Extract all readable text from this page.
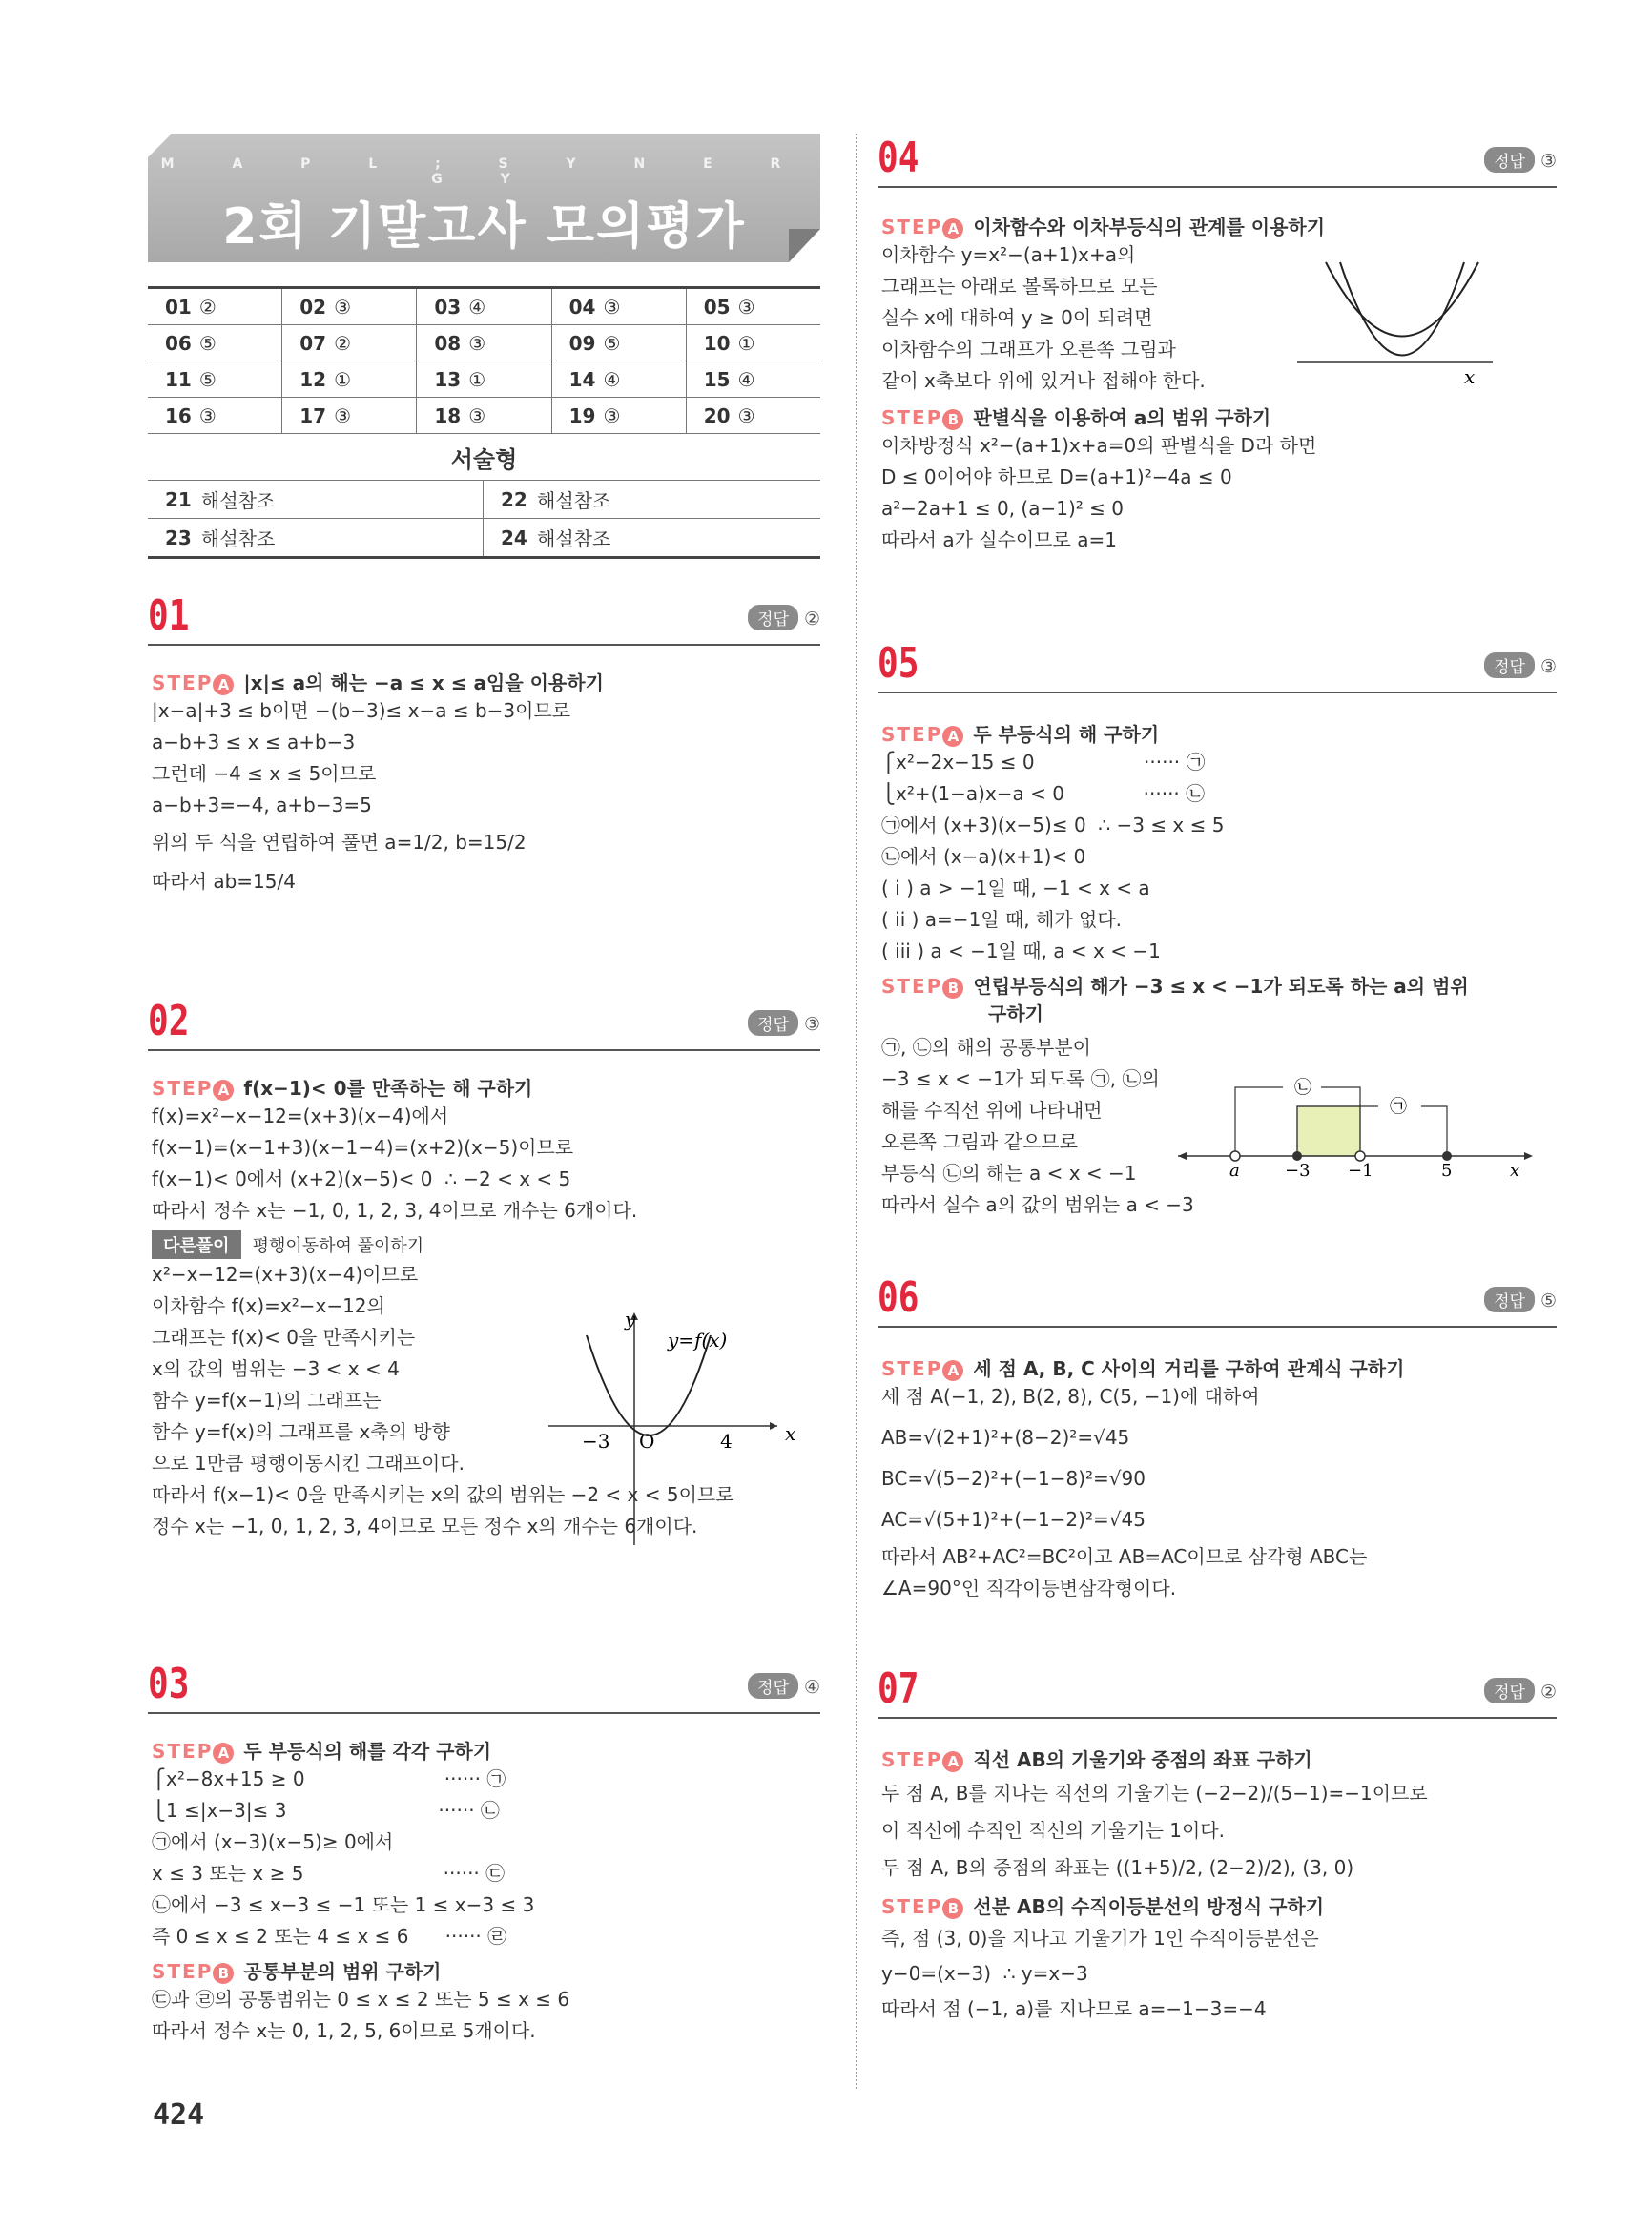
M A P L ; S Y N E R G Y
2회 기말고사 모의평가
01	②	02	③	03	④	04	③	05	③
06	⑤	07	②	08	③	09	⑤	10	①
11	⑤	12	①	13	①	14	④	15	④
16	③	17	③	18	③	19	③	20	③
서술형
21	해설참조	22	해설참조
23	해설참조	24	해설참조
01	정답 ②
STEP A |x|≤ a의 해는 −a ≤ x ≤ a임을 이용하기
|x−a|+3 ≤ b이면 −(b−3)≤ x−a ≤ b−3이므로
a−b+3 ≤ x ≤ a+b−3
그런데 −4 ≤ x ≤ 5이므로
a−b+3=−4, a+b−3=5
위의 두 식을 연립하여 풀면 a=1/2, b=15/2
따라서 ab=15/4
02	정답 ③
STEP A f(x−1)< 0를 만족하는 해 구하기
f(x)=x²−x−12=(x+3)(x−4)에서
f(x−1)=(x−1+3)(x−1−4)=(x+2)(x−5)이므로
f(x−1)< 0에서 (x+2)(x−5)< 0  ∴ −2 < x < 5
따라서 정수 x는 −1, 0, 1, 2, 3, 4이므로 개수는 6개이다.
다른풀이 평행이동하여 풀이하기
x²−x−12=(x+3)(x−4)이므로
이차함수 f(x)=x²−x−12의
그래프는 f(x)< 0을 만족시키는
x의 값의 범위는 −3 < x < 4
함수 y=f(x−1)의 그래프는
함수 y=f(x)의 그래프를 x축의 방향
으로 1만큼 평행이동시킨 그래프이다.
따라서 f(x−1)< 0을 만족시키는 x의 값의 범위는 −2 < x < 5이므로
정수 x는 −1, 0, 1, 2, 3, 4이므로 모든 정수 x의 개수는 6개이다.
y
x
O
−3	4
y=f(x)
03	정답 ④
STEP A 두 부등식의 해를 각각 구하기
⎧x²−8x+15 ≥ 0                       ······ ㉠
⎩1 ≤|x−3|≤ 3                         ······ ㉡
㉠에서 (x−3)(x−5)≥ 0에서
x ≤ 3 또는 x ≥ 5                       ······ ㉢
㉡에서 −3 ≤ x−3 ≤ −1 또는 1 ≤ x−3 ≤ 3
즉 0 ≤ x ≤ 2 또는 4 ≤ x ≤ 6      ······ ㉣
STEP B 공통부분의 범위 구하기
㉢과 ㉣의 공통범위는 0 ≤ x ≤ 2 또는 5 ≤ x ≤ 6
따라서 정수 x는 0, 1, 2, 5, 6이므로 5개이다.
424
04	정답 ③
STEP A 이차함수와 이차부등식의 관계를 이용하기
이차함수 y=x²−(a+1)x+a의
그래프는 아래로 볼록하므로 모든
실수 x에 대하여 y ≥ 0이 되려면
이차함수의 그래프가 오른쪽 그림과
같이 x축보다 위에 있거나 접해야 한다.
STEP B 판별식을 이용하여 a의 범위 구하기
이차방정식 x²−(a+1)x+a=0의 판별식을 D라 하면
D ≤ 0이어야 하므로 D=(a+1)²−4a ≤ 0
a²−2a+1 ≤ 0, (a−1)² ≤ 0
따라서 a가 실수이므로 a=1
x
05	정답 ③
STEP A 두 부등식의 해 구하기
⎧x²−2x−15 ≤ 0                  ······ ㉠
⎩x²+(1−a)x−a < 0             ······ ㉡
㉠에서 (x+3)(x−5)≤ 0  ∴ −3 ≤ x ≤ 5
㉡에서 (x−a)(x+1)< 0
( i ) a > −1일 때, −1 < x < a
( ii ) a=−1일 때, 해가 없다.
( iii ) a < −1일 때, a < x < −1
STEP B 연립부등식의 해가 −3 ≤ x < −1가 되도록 하는 a의 범위
구하기
㉠, ㉡의 해의 공통부분이
−3 ≤ x < −1가 되도록 ㉠, ㉡의
해를 수직선 위에 나타내면
오른쪽 그림과 같으므로
부등식 ㉡의 해는 a < x < −1
따라서 실수 a의 값의 범위는 a < −3
㉡
㉠
a	−3 −1	5	x
06	정답 ⑤
STEP A 세 점 A, B, C 사이의 거리를 구하여 관계식 구하기
세 점 A(−1, 2), B(2, 8), C(5, −1)에 대하여
AB=√(2+1)²+(8−2)²=√45
BC=√(5−2)²+(−1−8)²=√90
AC=√(5+1)²+(−1−2)²=√45
따라서 AB²+AC²=BC²이고 AB=AC이므로 삼각형 ABC는
∠A=90°인 직각이등변삼각형이다.
07	정답 ②
STEP A 직선 AB의 기울기와 중점의 좌표 구하기
두 점 A, B를 지나는 직선의 기울기는 (−2−2)/(5−1)=−1이므로
이 직선에 수직인 직선의 기울기는 1이다.
두 점 A, B의 중점의 좌표는 ((1+5)/2, (2−2)/2), (3, 0)
STEP B 선분 AB의 수직이등분선의 방정식 구하기
즉, 점 (3, 0)을 지나고 기울기가 1인 수직이등분선은
y−0=(x−3)  ∴ y=x−3
따라서 점 (−1, a)를 지나므로 a=−1−3=−4
